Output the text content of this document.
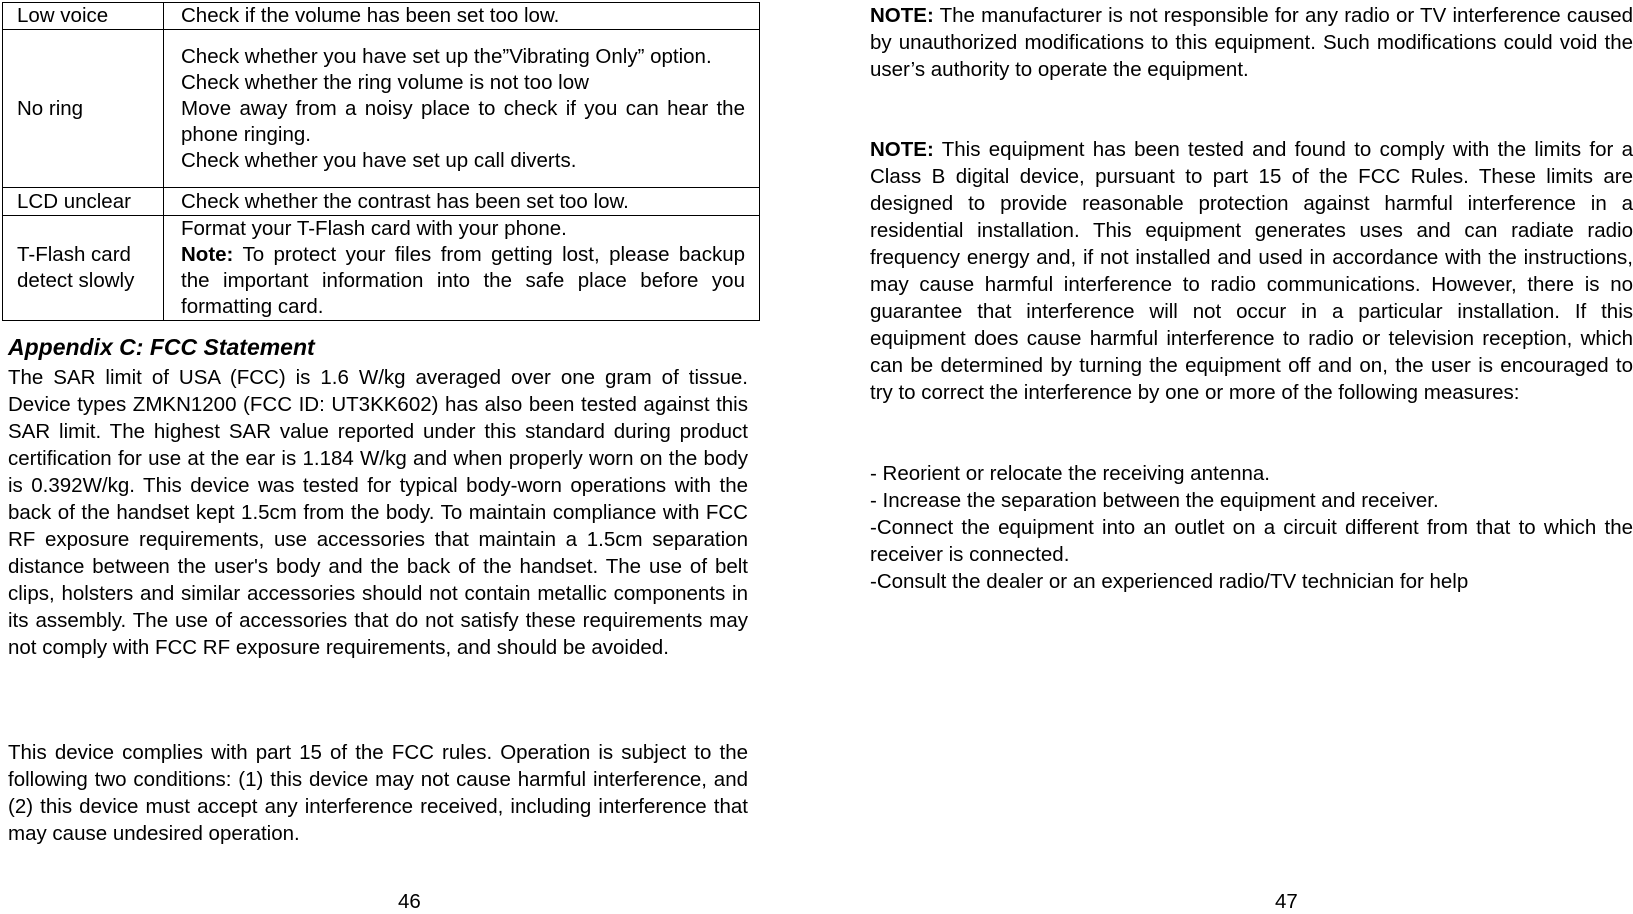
Low voice	Check if the volume has been set too low.

No ring	Check whether you have set up the”Vibrating Only” option.
Check whether the ring volume is not too low
Move away from a noisy place to check if you can hear the phone ringing.
Check whether you have set up call diverts.

LCD unclear	Check whether the contrast has been set too low.

T-Flash card detect slowly	Format your T-Flash card with your phone.
Note: To protect your files from getting lost, please backup the important information into the safe place before you formatting card.
Appendix C: FCC Statement
The SAR limit of USA (FCC) is 1.6 W/kg averaged over one gram of tissue. Device types ZMKN1200 (FCC ID: UT3KK602) has also been tested against this SAR limit. The highest SAR value reported under this standard during product certification for use at the ear is 1.184 W/kg and when properly worn on the body is 0.392W/kg. This device was tested for typical body-worn operations with the back of the handset kept 1.5cm from the body. To maintain compliance with FCC RF exposure requirements, use accessories that maintain a 1.5cm separation distance between the user's body and the back of the handset. The use of belt clips, holsters and similar accessories should not contain metallic components in its assembly. The use of accessories that do not satisfy these requirements may not comply with FCC RF exposure requirements, and should be avoided.
This device complies with part 15 of the FCC rules. Operation is subject to the following two conditions: (1) this device may not cause harmful interference, and (2) this device must accept any interference received, including interference that may cause undesired operation.
46
NOTE: The manufacturer is not responsible for any radio or TV interference caused by unauthorized modifications to this equipment. Such modifications could void the user’s authority to operate the equipment.
NOTE: This equipment has been tested and found to comply with the limits for a Class B digital device, pursuant to part 15 of the FCC Rules. These limits are designed to provide reasonable protection against harmful interference in a residential installation. This equipment generates uses and can radiate radio frequency energy and, if not installed and used in accordance with the instructions, may cause harmful interference to radio communications. However, there is no guarantee that interference will not occur in a particular installation. If this equipment does cause harmful interference to radio or television reception, which can be determined by turning the equipment off and on, the user is encouraged to try to correct the interference by one or more of the following measures:
- Reorient or relocate the receiving antenna.
- Increase the separation between the equipment and receiver.
-Connect the equipment into an outlet on a circuit different from that to which the receiver is connected.
-Consult the dealer or an experienced radio/TV technician for help
47
